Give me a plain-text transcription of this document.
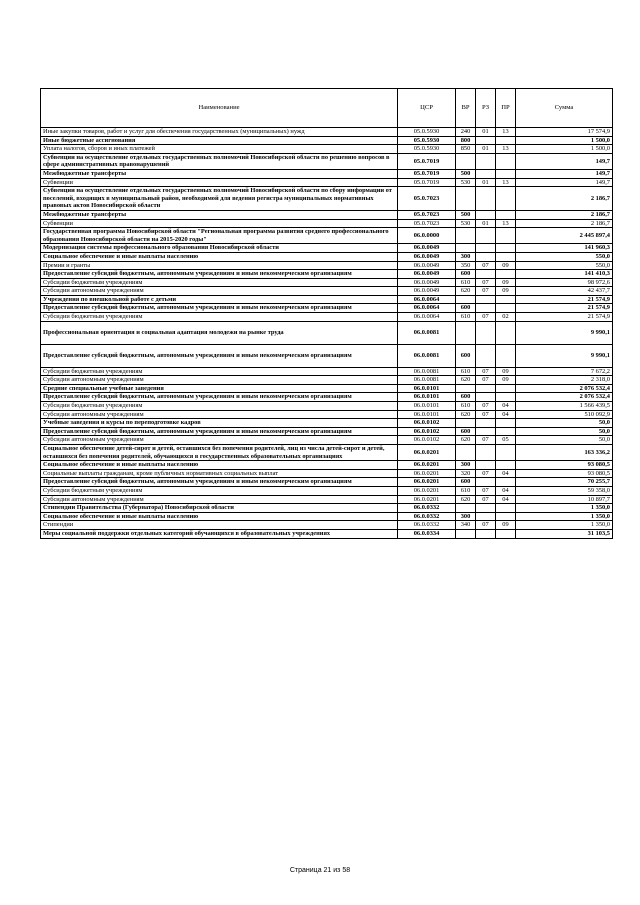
Наименование	ЦСР	ВР	РЗ	ПР	Сумма
Иные закупки товаров, работ и услуг для обеспечения государственных (муниципальных) нужд	05.0.5930	240	01	13	17 574,9
Иные бюджетные ассигнования	05.0.5930	800			1 500,0
Уплата налогов, сборов и иных платежей	05.0.5930	850	01	13	1 500,0
Субвенции на осуществление отдельных государственных полномочий Новосибирской области по решению вопросов в сфере административных правонарушений	05.0.7019				149,7
Межбюджетные трансферты	05.0.7019	500			149,7
Субвенции	05.0.7019	530	01	13	149,7
Субвенции на осуществление отдельных государственных полномочий Новосибирской области по сбору информации от поселений, входящих в муниципальный район, необходимой для ведения регистра муниципальных нормативных правовых актов Новосибирской области	05.0.7023				2 186,7
Межбюджетные трансферты	05.0.7023	500			2 186,7
Субвенции	05.0.7023	530	01	13	2 186,7
Государственная программа Новосибирской области "Региональная программа развития среднего профессионального образования Новосибирской области на 2015-2020 годы"	06.0.0000				2 445 897,4
Модернизация системы профессионального образования Новосибирской области	06.0.0049				141 960,3
Социальное обеспечение и иные выплаты населению	06.0.0049	300			550,0
Премии и гранты	06.0.0049	350	07	09	550,0
Предоставление субсидий бюджетным, автономным учреждениям и иным некоммерческим организациям	06.0.0049	600			141 410,3
Субсидии бюджетным учреждениям	06.0.0049	610	07	09	98 972,6
Субсидии автономным учреждениям	06.0.0049	620	07	09	42 437,7
Учреждения по внешкольной работе с детьми	06.0.0064				21 574,9
Предоставление субсидий бюджетным, автономным учреждениям и иным некоммерческим организациям	06.0.0064	600			21 574,9
Субсидии бюджетным учреждениям	06.0.0064	610	07	02	21 574,9
Профессиональная ориентация и социальная адаптация молодежи на рынке труда	06.0.0081				9 990,1
Предоставление субсидий бюджетным, автономным учреждениям и иным некоммерческим организациям	06.0.0081	600			9 990,1
Субсидии бюджетным учреждениям	06.0.0081	610	07	09	7 672,2
Субсидии автономным учреждениям	06.0.0081	620	07	09	2 318,0
Средние специальные учебные заведения	06.0.0101				2 076 532,4
Предоставление субсидий бюджетным, автономным учреждениям и иным некоммерческим организациям	06.0.0101	600			2 076 532,4
Субсидии бюджетным учреждениям	06.0.0101	610	07	04	1 566 439,5
Субсидии автономным учреждениям	06.0.0101	620	07	04	510 092,9
Учебные заведения и курсы по переподготовке кадров	06.0.0102				50,0
Предоставление субсидий бюджетным, автономным учреждениям и иным некоммерческим организациям	06.0.0102	600			50,0
Субсидии автономным учреждениям	06.0.0102	620	07	05	50,0
Социальное обеспечение детей-сирот и детей, оставшихся без попечения родителей, лиц из числа детей-сирот и детей, оставшихся без попечения родителей, обучающихся в государственных образовательных организациях	06.0.0201				163 336,2
Социальное обеспечение и иные выплаты населению	06.0.0201	300			93 080,5
Социальные выплаты гражданам, кроме публичных нормативных социальных выплат	06.0.0201	320	07	04	93 080,5
Предоставление субсидий бюджетным, автономным учреждениям и иным некоммерческим организациям	06.0.0201	600			70 255,7
Субсидии бюджетным учреждениям	06.0.0201	610	07	04	59 358,0
Субсидии автономным учреждениям	06.0.0201	620	07	04	10 897,7
Стипендии Правительства (Губернатора) Новосибирской области	06.0.0332				1 350,0
Социальное обеспечение и иные выплаты населению	06.0.0332	300			1 350,0
Стипендии	06.0.0332	340	07	09	1 350,0
Меры социальной поддержки отдельных категорий обучающихся в образовательных учреждениях	06.0.0334				31 103,5
Страница 21 из 58
